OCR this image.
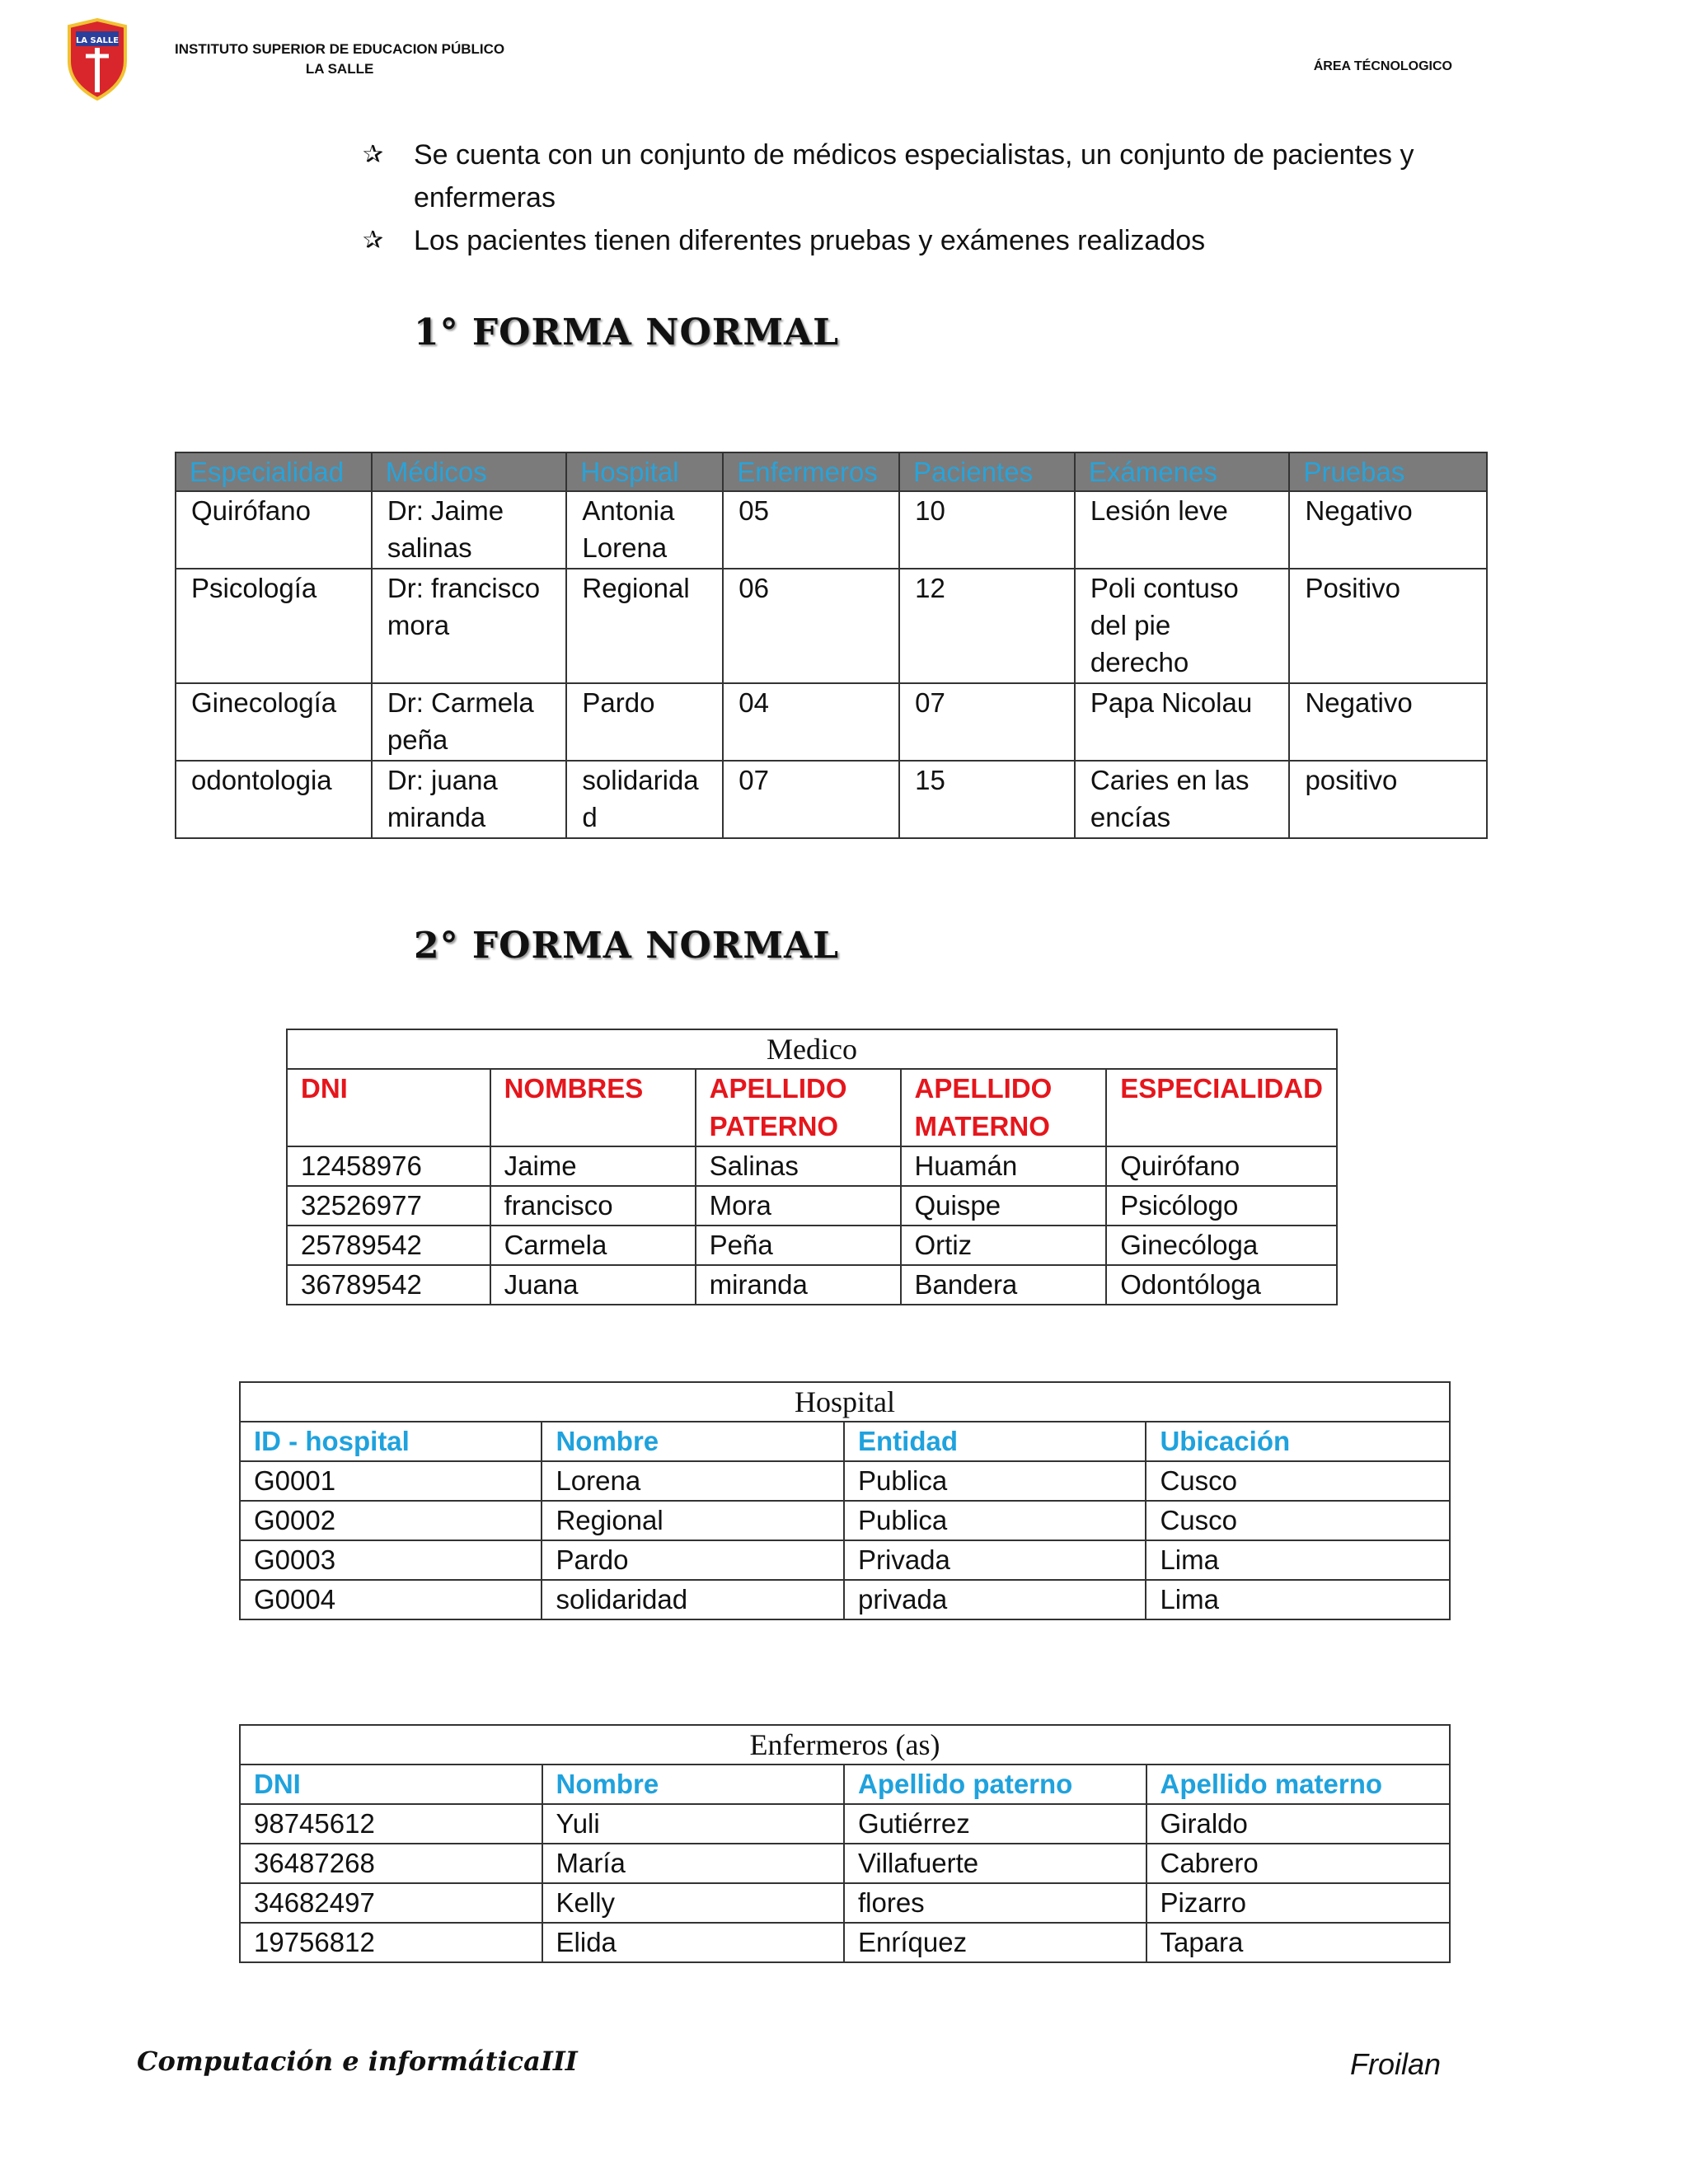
LA SALLE
INSTITUTO SUPERIOR DE EDUCACION PÚBLICO
LA SALLE	ÁREA TÉCNOLOGICO
✰	Se cuenta con un conjunto de médicos especialistas, un conjunto de pacientes y enfermeras
✰	Los pacientes tienen diferentes pruebas y exámenes realizados
1° FORMA NORMAL
Especialidad	Médicos	Hospital	Enfermeros	Pacientes	Exámenes	Pruebas
Quirófano	Dr: Jaime salinas	Antonia Lorena	05	10	Lesión leve	Negativo
Psicología	Dr: francisco mora	Regional	06	12	Poli contuso del pie derecho	Positivo
Ginecología	Dr: Carmela peña	Pardo	04	07	Papa Nicolau	Negativo
odontologia	Dr: juana miranda	solidaridad	07	15	Caries en las encías	positivo
2° FORMA NORMAL
Medico				
DNI	NOMBRES	APELLIDO PATERNO	APELLIDO MATERNO	ESPECIALIDAD
12458976	Jaime	Salinas	Huamán	Quirófano
32526977	francisco	Mora	Quispe	Psicólogo
25789542	Carmela	Peña	Ortiz	Ginecóloga
36789542	Juana	miranda	Bandera	Odontóloga
Hospital			
ID - hospital	Nombre	Entidad	Ubicación
G0001	Lorena	Publica	Cusco
G0002	Regional	Publica	Cusco
G0003	Pardo	Privada	Lima
G0004	solidaridad	privada	Lima
Enfermeros (as)			
DNI	Nombre	Apellido paterno	Apellido materno
98745612	Yuli	Gutiérrez	Giraldo
36487268	María	Villafuerte	Cabrero
34682497	Kelly	flores	Pizarro
19756812	Elida	Enríquez	Tapara
Computación e informáticaIII	Froilan
